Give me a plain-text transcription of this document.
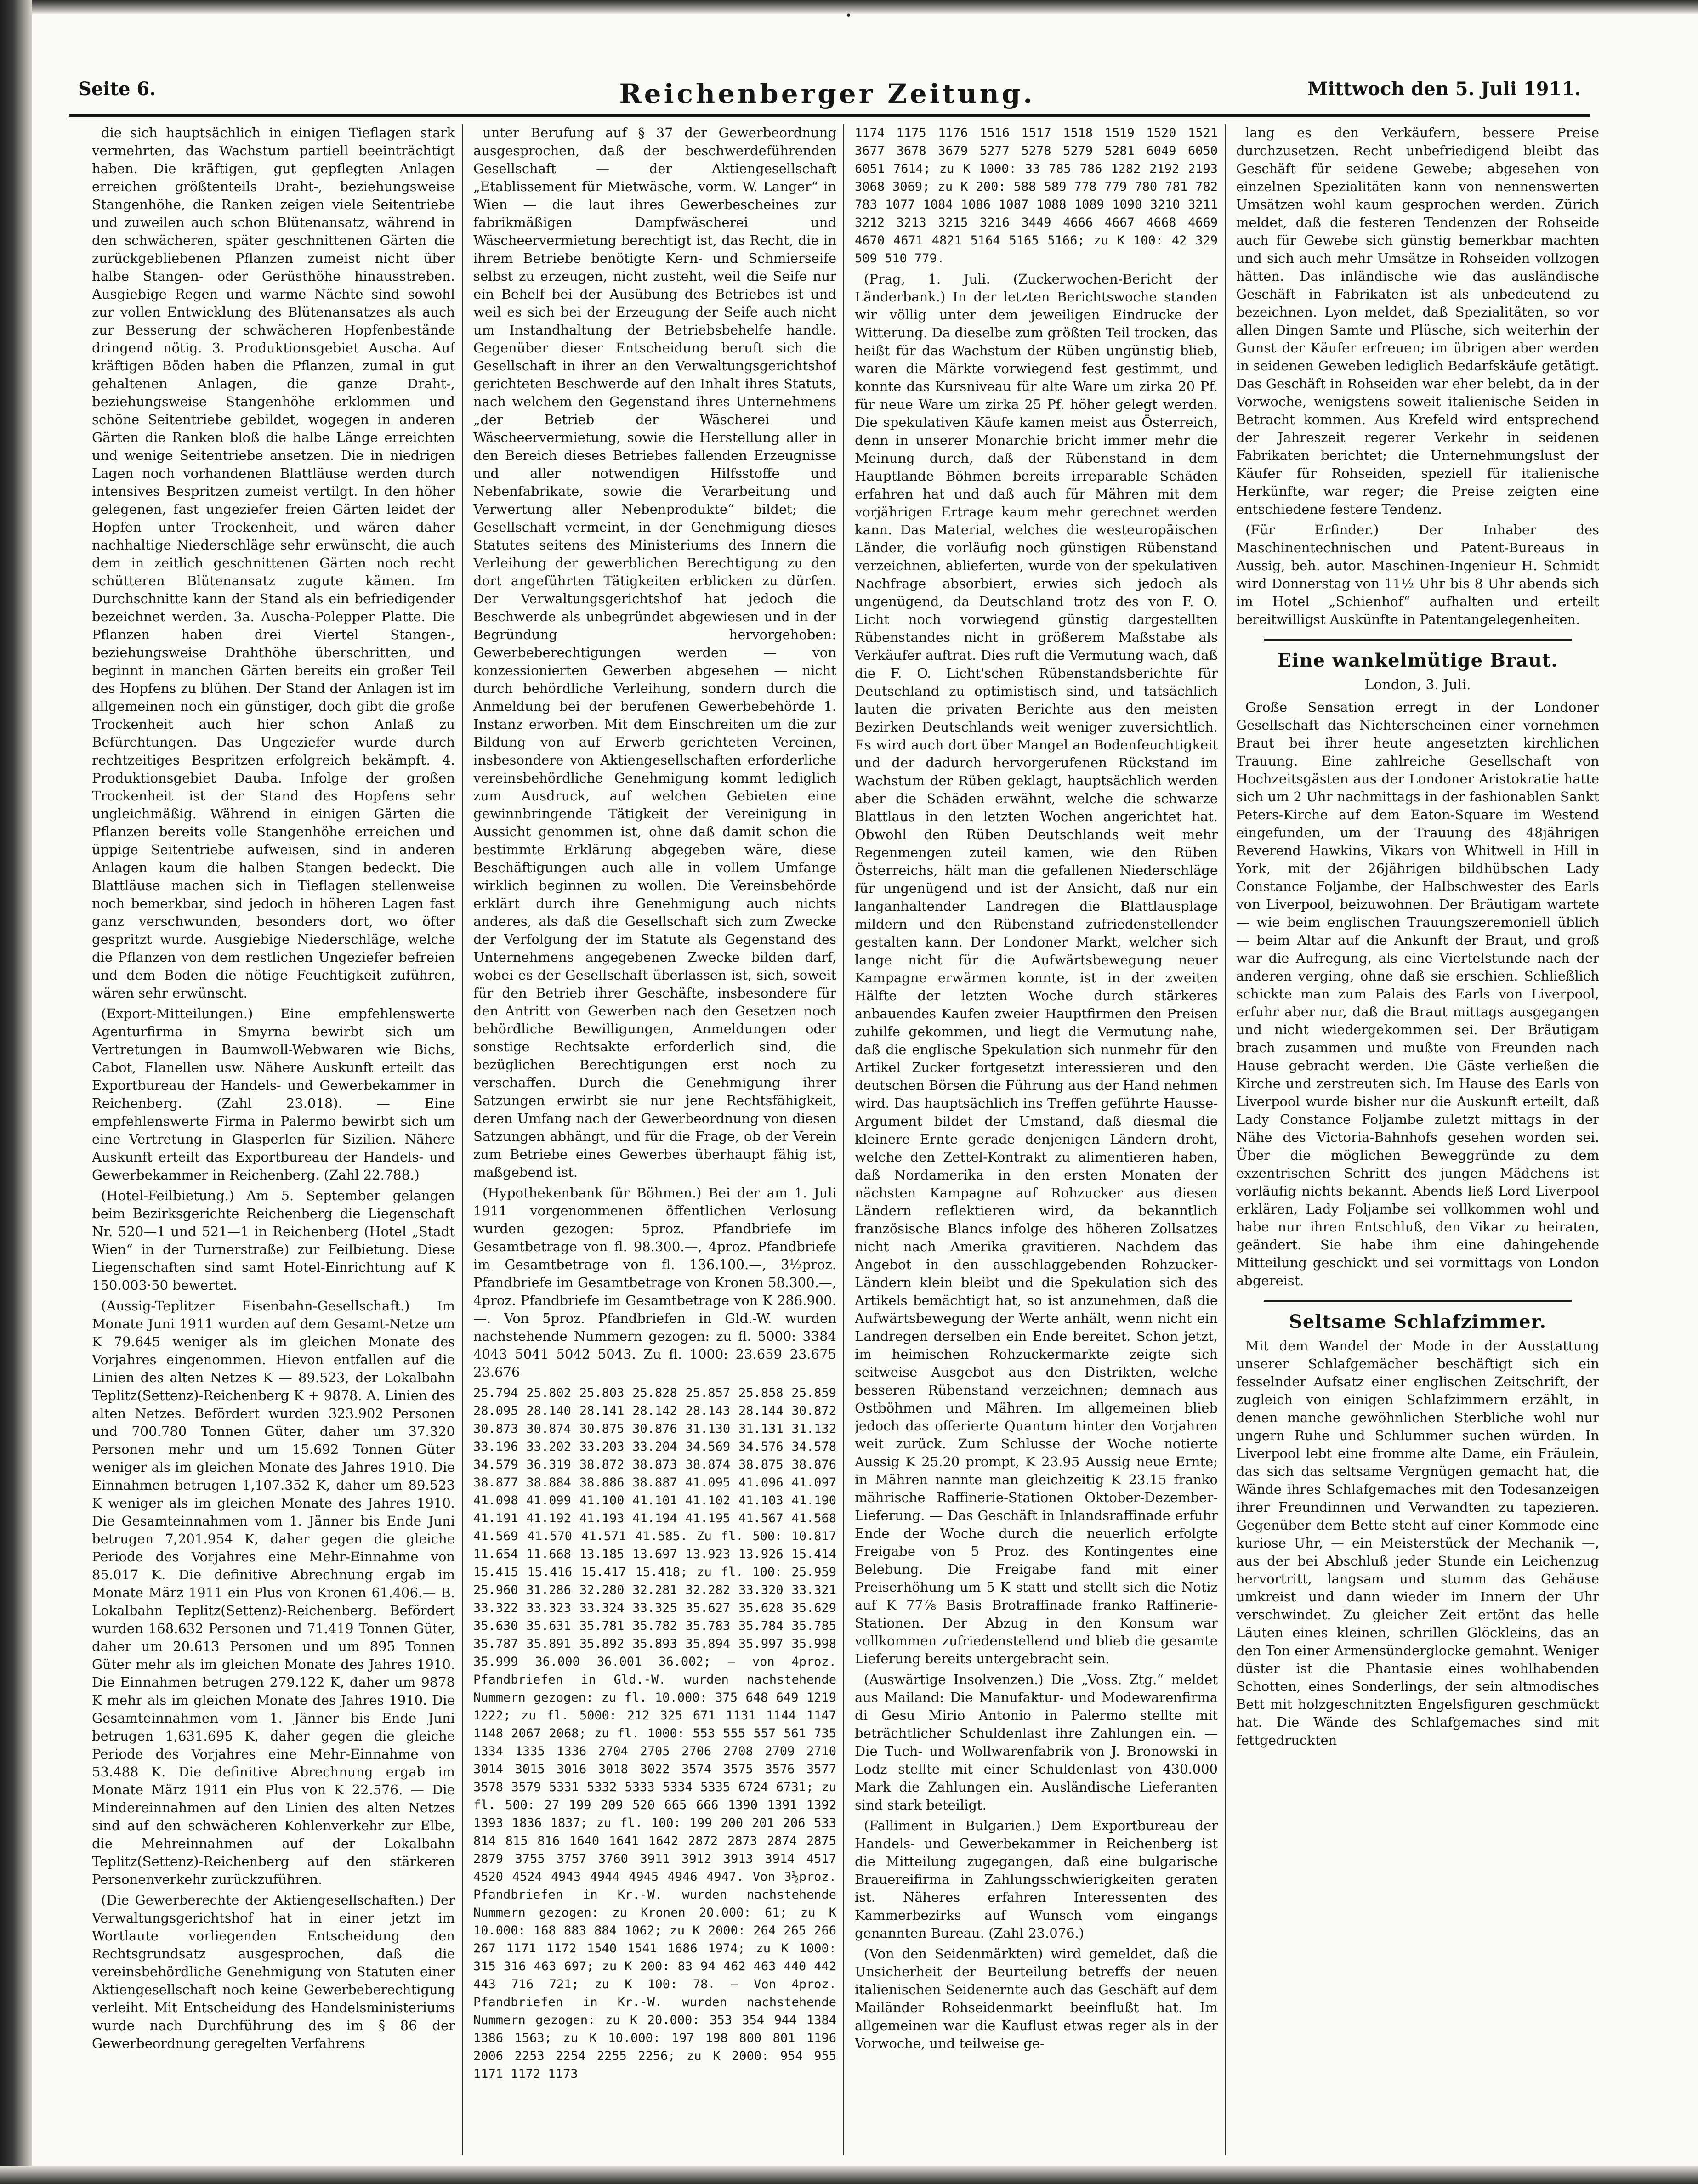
•
Seite 6.	Reichenberger Zeitung.	Mittwoch den 5. Juli 1911.

die sich hauptsächlich in einigen Tieflagen stark vermehrten, das Wachstum partiell beeinträchtigt haben. Die kräftigen, gut gepflegten Anlagen erreichen größtenteils Draht-, beziehungsweise Stangenhöhe, die Ranken zeigen viele Seitentriebe und zuweilen auch schon Blütenansatz, während in den schwächeren, später geschnittenen Gärten die zurückgebliebenen Pflanzen zumeist nicht über halbe Stangen- oder Gerüsthöhe hinausstreben. Ausgiebige Regen und warme Nächte sind sowohl zur vollen Entwicklung des Blütenansatzes als auch zur Besserung der schwächeren Hopfenbestände dringend nötig. 3. Produktionsgebiet Auscha. Auf kräftigen Böden haben die Pflanzen, zumal in gut gehaltenen Anlagen, die ganze Draht-, beziehungsweise Stangenhöhe erklommen und schöne Seitentriebe gebildet, wogegen in anderen Gärten die Ranken bloß die halbe Länge erreichten und wenige Seitentriebe ansetzen. Die in niedrigen Lagen noch vorhandenen Blattläuse werden durch intensives Bespritzen zumeist vertilgt. In den höher gelegenen, fast ungeziefer freien Gärten leidet der Hopfen unter Trockenheit, und wären daher nachhaltige Niederschläge sehr erwünscht, die auch dem in zeitlich geschnittenen Gärten noch recht schütteren Blütenansatz zugute kämen. Im Durchschnitte kann der Stand als ein befriedigender bezeichnet werden. 3a. Auscha-Polepper Platte. Die Pflanzen haben drei Viertel Stangen-, beziehungsweise Drahthöhe überschritten, und beginnt in manchen Gärten bereits ein großer Teil des Hopfens zu blühen. Der Stand der Anlagen ist im allgemeinen noch ein günstiger, doch gibt die große Trockenheit auch hier schon Anlaß zu Befürchtungen. Das Ungeziefer wurde durch rechtzeitiges Bespritzen erfolgreich bekämpft. 4. Produktionsgebiet Dauba. Infolge der großen Trockenheit ist der Stand des Hopfens sehr ungleichmäßig. Während in einigen Gärten die Pflanzen bereits volle Stangenhöhe erreichen und üppige Seitentriebe aufweisen, sind in anderen Anlagen kaum die halben Stangen bedeckt. Die Blattläuse machen sich in Tieflagen stellenweise noch bemerkbar, sind jedoch in höheren Lagen fast ganz verschwunden, besonders dort, wo öfter gespritzt wurde. Ausgiebige Niederschläge, welche die Pflanzen von dem restlichen Ungeziefer befreien und dem Boden die nötige Feuchtigkeit zuführen, wären sehr erwünscht.

(Export-Mitteilungen.) Eine empfehlenswerte Agenturfirma in Smyrna bewirbt sich um Vertretungen in Baumwoll-Webwaren wie Bichs, Cabot, Flanellen usw. Nähere Auskunft erteilt das Exportbureau der Handels- und Gewerbekammer in Reichenberg. (Zahl 23.018). — Eine empfehlenswerte Firma in Palermo bewirbt sich um eine Vertretung in Glasperlen für Sizilien. Nähere Auskunft erteilt das Exportbureau der Handels- und Gewerbekammer in Reichenberg. (Zahl 22.788.)

(Hotel-Feilbietung.) Am 5. September gelangen beim Bezirksgerichte Reichenberg die Liegenschaft Nr. 520—1 und 521—1 in Reichenberg (Hotel „Stadt Wien“ in der Turnerstraße) zur Feilbietung. Diese Liegenschaften sind samt Hotel-Einrichtung auf K 150.003·50 bewertet.

(Aussig-Teplitzer Eisenbahn-Gesellschaft.) Im Monate Juni 1911 wurden auf dem Gesamt-Netze um K 79.645 weniger als im gleichen Monate des Vorjahres eingenommen. Hievon entfallen auf die Linien des alten Netzes K — 89.523, der Lokalbahn Teplitz(Settenz)-Reichenberg K + 9878. A. Linien des alten Netzes. Befördert wurden 323.902 Personen und 700.780 Tonnen Güter, daher um 37.320 Personen mehr und um 15.692 Tonnen Güter weniger als im gleichen Monate des Jahres 1910. Die Einnahmen betrugen 1,107.352 K, daher um 89.523 K weniger als im gleichen Monate des Jahres 1910. Die Gesamteinnahmen vom 1. Jänner bis Ende Juni betrugen 7,201.954 K, daher gegen die gleiche Periode des Vorjahres eine Mehr-Einnahme von 85.017 K. Die definitive Abrechnung ergab im Monate März 1911 ein Plus von Kronen 61.406.— B. Lokalbahn Teplitz(Settenz)-Reichenberg. Befördert wurden 168.632 Personen und 71.419 Tonnen Güter, daher um 20.613 Personen und um 895 Tonnen Güter mehr als im gleichen Monate des Jahres 1910. Die Einnahmen betrugen 279.122 K, daher um 9878 K mehr als im gleichen Monate des Jahres 1910. Die Gesamteinnahmen vom 1. Jänner bis Ende Juni betrugen 1,631.695 K, daher gegen die gleiche Periode des Vorjahres eine Mehr-Einnahme von 53.488 K. Die definitive Abrechnung ergab im Monate März 1911 ein Plus von K 22.576. — Die Mindereinnahmen auf den Linien des alten Netzes sind auf den schwächeren Kohlenverkehr zur Elbe, die Mehreinnahmen auf der Lokalbahn Teplitz(Settenz)-Reichenberg auf den stärkeren Personenverkehr zurückzuführen.

(Die Gewerberechte der Aktiengesellschaften.) Der Verwaltungsgerichtshof hat in einer jetzt im Wortlaute vorliegenden Entscheidung den Rechtsgrundsatz ausgesprochen, daß die vereinsbehördliche Genehmigung von Statuten einer Aktiengesellschaft noch keine Gewerbeberechtigung verleiht. Mit Entscheidung des Handelsministeriums wurde nach Durchführung des im § 86 der Gewerbeordnung geregelten Verfahrens

unter Berufung auf § 37 der Gewerbeordnung ausgesprochen, daß der beschwerdeführenden Gesellschaft — der Aktiengesellschaft „Etablissement für Mietwäsche, vorm. W. Langer“ in Wien — die laut ihres Gewerbescheines zur fabrikmäßigen Dampfwäscherei und Wäscheervermietung berechtigt ist, das Recht, die in ihrem Betriebe benötigte Kern- und Schmierseife selbst zu erzeugen, nicht zusteht, weil die Seife nur ein Behelf bei der Ausübung des Betriebes ist und weil es sich bei der Erzeugung der Seife auch nicht um Instandhaltung der Betriebsbehelfe handle. Gegenüber dieser Entscheidung beruft sich die Gesellschaft in ihrer an den Verwaltungsgerichtshof gerichteten Beschwerde auf den Inhalt ihres Statuts, nach welchem den Gegenstand ihres Unternehmens „der Betrieb der Wäscherei und Wäscheervermietung, sowie die Herstellung aller in den Bereich dieses Betriebes fallenden Erzeugnisse und aller notwendigen Hilfsstoffe und Nebenfabrikate, sowie die Verarbeitung und Verwertung aller Nebenprodukte“ bildet; die Gesellschaft vermeint, in der Genehmigung dieses Statutes seitens des Ministeriums des Innern die Verleihung der gewerblichen Berechtigung zu den dort angeführten Tätigkeiten erblicken zu dürfen. Der Verwaltungsgerichtshof hat jedoch die Beschwerde als unbegründet abgewiesen und in der Begründung hervorgehoben: Gewerbeberechtigungen werden — von konzessionierten Gewerben abgesehen — nicht durch behördliche Verleihung, sondern durch die Anmeldung bei der berufenen Gewerbebehörde 1. Instanz erworben. Mit dem Einschreiten um die zur Bildung von auf Erwerb gerichteten Vereinen, insbesondere von Aktiengesellschaften erforderliche vereinsbehördliche Genehmigung kommt lediglich zum Ausdruck, auf welchen Gebieten eine gewinnbringende Tätigkeit der Vereinigung in Aussicht genommen ist, ohne daß damit schon die bestimmte Erklärung abgegeben wäre, diese Beschäftigungen auch alle in vollem Umfange wirklich beginnen zu wollen. Die Vereinsbehörde erklärt durch ihre Genehmigung auch nichts anderes, als daß die Gesellschaft sich zum Zwecke der Verfolgung der im Statute als Gegenstand des Unternehmens angegebenen Zwecke bilden darf, wobei es der Gesellschaft überlassen ist, sich, soweit für den Betrieb ihrer Geschäfte, insbesondere für den Antritt von Gewerben nach den Gesetzen noch behördliche Bewilligungen, Anmeldungen oder sonstige Rechtsakte erforderlich sind, die bezüglichen Berechtigungen erst noch zu verschaffen. Durch die Genehmigung ihrer Satzungen erwirbt sie nur jene Rechtsfähigkeit, deren Umfang nach der Gewerbeordnung von diesen Satzungen abhängt, und für die Frage, ob der Verein zum Betriebe eines Gewerbes überhaupt fähig ist, maßgebend ist.

(Hypothekenbank für Böhmen.) Bei der am 1. Juli 1911 vorgenommenen öffentlichen Verlosung wurden gezogen: 5proz. Pfandbriefe im Gesamtbetrage von fl. 98.300.—, 4proz. Pfandbriefe im Gesamtbetrage von fl. 136.100.—, 3½proz. Pfandbriefe im Gesamtbetrage von Kronen 58.300.—, 4proz. Pfandbriefe im Gesamtbetrage von K 286.900.—. Von 5proz. Pfandbriefen in Gld.-W. wurden nachstehende Nummern gezogen: zu fl. 5000: 3384 4043 5041 5042 5043. Zu fl. 1000: 23.659 23.675 23.676

25.794 25.802 25.803 25.828 25.857 25.858 25.859 28.095 28.140 28.141 28.142 28.143 28.144 30.872 30.873 30.874 30.875 30.876 31.130 31.131 31.132 33.196 33.202 33.203 33.204 34.569 34.576 34.578 34.579 36.319 38.872 38.873 38.874 38.875 38.876 38.877 38.884 38.886 38.887 41.095 41.096 41.097 41.098 41.099 41.100 41.101 41.102 41.103 41.190 41.191 41.192 41.193 41.194 41.195 41.567 41.568 41.569 41.570 41.571 41.585. Zu fl. 500: 10.817 11.654 11.668 13.185 13.697 13.923 13.926 15.414 15.415 15.416 15.417 15.418; zu fl. 100: 25.959 25.960 31.286 32.280 32.281 32.282 33.320 33.321 33.322 33.323 33.324 33.325 35.627 35.628 35.629 35.630 35.631 35.781 35.782 35.783 35.784 35.785 35.787 35.891 35.892 35.893 35.894 35.997 35.998 35.999 36.000 36.001 36.002; — von 4proz. Pfandbriefen in Gld.-W. wurden nachstehende Nummern gezogen: zu fl. 10.000: 375 648 649 1219 1222; zu fl. 5000: 212 325 671 1131 1144 1147 1148 2067 2068; zu fl. 1000: 553 555 557 561 735 1334 1335 1336 2704 2705 2706 2708 2709 2710 3014 3015 3016 3018 3022 3574 3575 3576 3577 3578 3579 5331 5332 5333 5334 5335 6724 6731; zu fl. 500: 27 199 209 520 665 666 1390 1391 1392 1393 1836 1837; zu fl. 100: 199 200 201 206 533 814 815 816 1640 1641 1642 2872 2873 2874 2875 2879 3755 3757 3760 3911 3912 3913 3914 4517 4520 4524 4943 4944 4945 4946 4947. Von 3½proz. Pfandbriefen in Kr.-W. wurden nachstehende Nummern gezogen: zu Kronen 20.000: 61; zu K 10.000: 168 883 884 1062; zu K 2000: 264 265 266 267 1171 1172 1540 1541 1686 1974; zu K 1000: 315 316 463 697; zu K 200: 83 94 462 463 440 442 443 716 721; zu K 100: 78. — Von 4proz. Pfandbriefen in Kr.-W. wurden nachstehende Nummern gezogen: zu K 20.000: 353 354 944 1384 1386 1563; zu K 10.000: 197 198 800 801 1196 2006 2253 2254 2255 2256; zu K 2000: 954 955 1171 1172 1173

1174 1175 1176 1516 1517 1518 1519 1520 1521 3677 3678 3679 5277 5278 5279 5281 6049 6050 6051 7614; zu K 1000: 33 785 786 1282 2192 2193 3068 3069; zu K 200: 588 589 778 779 780 781 782 783 1077 1084 1086 1087 1088 1089 1090 3210 3211 3212 3213 3215 3216 3449 4666 4667 4668 4669 4670 4671 4821 5164 5165 5166; zu K 100: 42 329 509 510 779.

(Prag, 1. Juli. (Zuckerwochen-Bericht der Länderbank.) In der letzten Berichtswoche standen wir völlig unter dem jeweiligen Eindrucke der Witterung. Da dieselbe zum größten Teil trocken, das heißt für das Wachstum der Rüben ungünstig blieb, waren die Märkte vorwiegend fest gestimmt, und konnte das Kursniveau für alte Ware um zirka 20 Pf. für neue Ware um zirka 25 Pf. höher gelegt werden. Die spekulativen Käufe kamen meist aus Österreich, denn in unserer Monarchie bricht immer mehr die Meinung durch, daß der Rübenstand in dem Hauptlande Böhmen bereits irreparable Schäden erfahren hat und daß auch für Mähren mit dem vorjährigen Ertrage kaum mehr gerechnet werden kann. Das Material, welches die westeuropäischen Länder, die vorläufig noch günstigen Rübenstand verzeichnen, ablieferten, wurde von der spekulativen Nachfrage absorbiert, erwies sich jedoch als ungenügend, da Deutschland trotz des von F. O. Licht noch vorwiegend günstig dargestellten Rübenstandes nicht in größerem Maßstabe als Verkäufer auftrat. Dies ruft die Vermutung wach, daß die F. O. Licht'schen Rübenstandsberichte für Deutschland zu optimistisch sind, und tatsächlich lauten die privaten Berichte aus den meisten Bezirken Deutschlands weit weniger zuversichtlich. Es wird auch dort über Mangel an Bodenfeuchtigkeit und der dadurch hervorgerufenen Rückstand im Wachstum der Rüben geklagt, hauptsächlich werden aber die Schäden erwähnt, welche die schwarze Blattlaus in den letzten Wochen angerichtet hat. Obwohl den Rüben Deutschlands weit mehr Regenmengen zuteil kamen, wie den Rüben Österreichs, hält man die gefallenen Niederschläge für ungenügend und ist der Ansicht, daß nur ein langanhaltender Landregen die Blattlausplage mildern und den Rübenstand zufriedenstellender gestalten kann. Der Londoner Markt, welcher sich lange nicht für die Aufwärtsbewegung neuer Kampagne erwärmen konnte, ist in der zweiten Hälfte der letzten Woche durch stärkeres anbauendes Kaufen zweier Hauptfirmen den Preisen zuhilfe gekommen, und liegt die Vermutung nahe, daß die englische Spekulation sich nunmehr für den Artikel Zucker fortgesetzt interessieren und den deutschen Börsen die Führung aus der Hand nehmen wird. Das hauptsächlich ins Treffen geführte Hausse-Argument bildet der Umstand, daß diesmal die kleinere Ernte gerade denjenigen Ländern droht, welche den Zettel-Kontrakt zu alimentieren haben, daß Nordamerika in den ersten Monaten der nächsten Kampagne auf Rohzucker aus diesen Ländern reflektieren wird, da bekanntlich französische Blancs infolge des höheren Zollsatzes nicht nach Amerika gravitieren. Nachdem das Angebot in den ausschlaggebenden Rohzucker-Ländern klein bleibt und die Spekulation sich des Artikels bemächtigt hat, so ist anzunehmen, daß die Aufwärtsbewegung der Werte anhält, wenn nicht ein Landregen derselben ein Ende bereitet. Schon jetzt, im heimischen Rohzuckermarkte zeigte sich seitweise Ausgebot aus den Distrikten, welche besseren Rübenstand verzeichnen; demnach aus Ostböhmen und Mähren. Im allgemeinen blieb jedoch das offerierte Quantum hinter den Vorjahren weit zurück. Zum Schlusse der Woche notierte Aussig K 25.20 prompt, K 23.95 Aussig neue Ernte; in Mähren nannte man gleichzeitig K 23.15 franko mährische Raffinerie-Stationen Oktober-Dezember-Lieferung. — Das Geschäft in Inlandsraffinade erfuhr Ende der Woche durch die neuerlich erfolgte Freigabe von 5 Proz. des Kontingentes eine Belebung. Die Freigabe fand mit einer Preiserhöhung um 5 K statt und stellt sich die Notiz auf K 77⅞ Basis Brotraffinade franko Raffinerie-Stationen. Der Abzug in den Konsum war vollkommen zufriedenstellend und blieb die gesamte Lieferung bereits untergebracht sein.

(Auswärtige Insolvenzen.) Die „Voss. Ztg.“ meldet aus Mailand: Die Manufaktur- und Modewarenfirma di Gesu Mirio Antonio in Palermo stellte mit beträchtlicher Schuldenlast ihre Zahlungen ein. — Die Tuch- und Wollwarenfabrik von J. Bronowski in Lodz stellte mit einer Schuldenlast von 430.000 Mark die Zahlungen ein. Ausländische Lieferanten sind stark beteiligt.

(Falliment in Bulgarien.) Dem Exportbureau der Handels- und Gewerbekammer in Reichenberg ist die Mitteilung zugegangen, daß eine bulgarische Brauereifirma in Zahlungsschwierigkeiten geraten ist. Näheres erfahren Interessenten des Kammerbezirks auf Wunsch vom eingangs genannten Bureau. (Zahl 23.076.)

(Von den Seidenmärkten) wird gemeldet, daß die Unsicherheit der Beurteilung betreffs der neuen italienischen Seidenernte auch das Geschäft auf dem Mailänder Rohseidenmarkt beeinflußt hat. Im allgemeinen war die Kauflust etwas reger als in der Vorwoche, und teilweise ge-

lang es den Verkäufern, bessere Preise durchzusetzen. Recht unbefriedigend bleibt das Geschäft für seidene Gewebe; abgesehen von einzelnen Spezialitäten kann von nennenswerten Umsätzen wohl kaum gesprochen werden. Zürich meldet, daß die festeren Tendenzen der Rohseide auch für Gewebe sich günstig bemerkbar machten und sich auch mehr Umsätze in Rohseiden vollzogen hätten. Das inländische wie das ausländische Geschäft in Fabrikaten ist als unbedeutend zu bezeichnen. Lyon meldet, daß Spezialitäten, so vor allen Dingen Samte und Plüsche, sich weiterhin der Gunst der Käufer erfreuen; im übrigen aber werden in seidenen Geweben lediglich Bedarfskäufe getätigt. Das Geschäft in Rohseiden war eher belebt, da in der Vorwoche, wenigstens soweit italienische Seiden in Betracht kommen. Aus Krefeld wird entsprechend der Jahreszeit regerer Verkehr in seidenen Fabrikaten berichtet; die Unternehmungslust der Käufer für Rohseiden, speziell für italienische Herkünfte, war reger; die Preise zeigten eine entschiedene festere Tendenz.

(Für Erfinder.) Der Inhaber des Maschinentechnischen und Patent-Bureaus in Aussig, beh. autor. Maschinen-Ingenieur H. Schmidt wird Donnerstag von 11½ Uhr bis 8 Uhr abends sich im Hotel „Schienhof“ aufhalten und erteilt bereitwilligst Auskünfte in Patentangelegenheiten.

Eine wankelmütige Braut.
London, 3. Juli.

Große Sensation erregt in der Londoner Gesellschaft das Nichterscheinen einer vornehmen Braut bei ihrer heute angesetzten kirchlichen Trauung. Eine zahlreiche Gesellschaft von Hochzeitsgästen aus der Londoner Aristokratie hatte sich um 2 Uhr nachmittags in der fashionablen Sankt Peters-Kirche auf dem Eaton-Square im Westend eingefunden, um der Trauung des 48jährigen Reverend Hawkins, Vikars von Whitwell in Hill in York, mit der 26jährigen bildhübschen Lady Constance Foljambe, der Halbschwester des Earls von Liverpool, beizuwohnen. Der Bräutigam wartete — wie beim englischen Trauungszeremoniell üblich — beim Altar auf die Ankunft der Braut, und groß war die Aufregung, als eine Viertelstunde nach der anderen verging, ohne daß sie erschien. Schließlich schickte man zum Palais des Earls von Liverpool, erfuhr aber nur, daß die Braut mittags ausgegangen und nicht wiedergekommen sei. Der Bräutigam brach zusammen und mußte von Freunden nach Hause gebracht werden. Die Gäste verließen die Kirche und zerstreuten sich. Im Hause des Earls von Liverpool wurde bisher nur die Auskunft erteilt, daß Lady Constance Foljambe zuletzt mittags in der Nähe des Victoria-Bahnhofs gesehen worden sei. Über die möglichen Beweggründe zu dem exzentrischen Schritt des jungen Mädchens ist vorläufig nichts bekannt. Abends ließ Lord Liverpool erklären, Lady Foljambe sei vollkommen wohl und habe nur ihren Entschluß, den Vikar zu heiraten, geändert. Sie habe ihm eine dahingehende Mitteilung geschickt und sei vormittags von London abgereist.

Seltsame Schlafzimmer.

Mit dem Wandel der Mode in der Ausstattung unserer Schlafgemächer beschäftigt sich ein fesselnder Aufsatz einer englischen Zeitschrift, der zugleich von einigen Schlafzimmern erzählt, in denen manche gewöhnlichen Sterbliche wohl nur ungern Ruhe und Schlummer suchen würden. In Liverpool lebt eine fromme alte Dame, ein Fräulein, das sich das seltsame Vergnügen gemacht hat, die Wände ihres Schlafgemaches mit den Todesanzeigen ihrer Freundinnen und Verwandten zu tapezieren. Gegenüber dem Bette steht auf einer Kommode eine kuriose Uhr, — ein Meisterstück der Mechanik —, aus der bei Abschluß jeder Stunde ein Leichenzug hervortritt, langsam und stumm das Gehäuse umkreist und dann wieder im Innern der Uhr verschwindet. Zu gleicher Zeit ertönt das helle Läuten eines kleinen, schrillen Glöckleins, das an den Ton einer Armensünderglocke gemahnt. Weniger düster ist die Phantasie eines wohlhabenden Schotten, eines Sonderlings, der sein altmodisches Bett mit holzgeschnitzten Engelsfiguren geschmückt hat. Die Wände des Schlafgemaches sind mit fettgedruckten
